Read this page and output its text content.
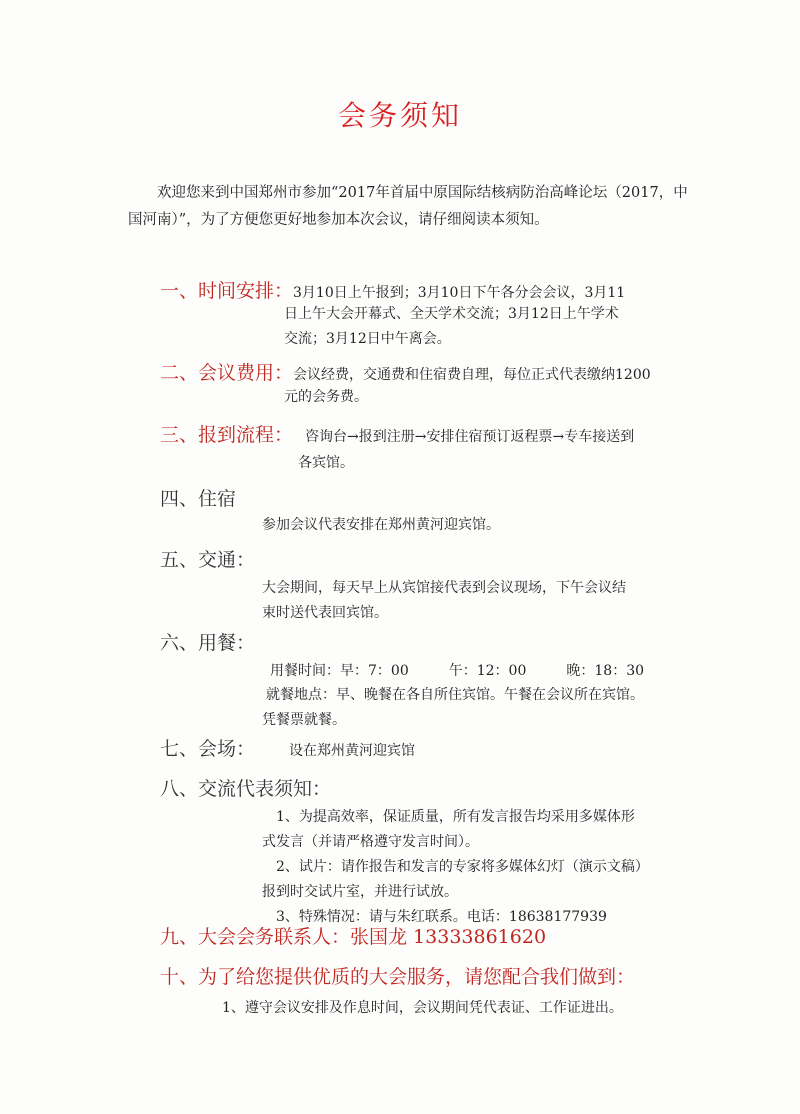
会务须知
欢迎您来到中国郑州市参加“2017年首届中原国际结核病防治高峰论坛（2017，中国河南）”，为了方便您更好地参加本次会议，请仔细阅读本须知。
一、时间安排：3月10日上午报到；3月10日下午各分会会议，3月11
日上午大会开幕式、全天学术交流；3月12日上午学术
交流；3月12日中午离会。
二、会议费用：会议经费，交通费和住宿费自理，每位正式代表缴纳1200
元的会务费。
三、报到流程： 咨询台→报到注册→安排住宿预订返程票→专车接送到
各宾馆。
四、住宿
参加会议代表安排在郑州黄河迎宾馆。
五、交通：
大会期间，每天早上从宾馆接代表到会议现场，下午会议结
束时送代表回宾馆。
六、用餐：
用餐时间：早：7：00	午：12：00	晚：18：30
就餐地点：早、晚餐在各自所住宾馆。午餐在会议所在宾馆。
凭餐票就餐。
七、会场： 设在郑州黄河迎宾馆
八、交流代表须知：
1、为提高效率，保证质量，所有发言报告均采用多媒体形
式发言（并请严格遵守发言时间）。
2、试片：请作报告和发言的专家将多媒体幻灯（演示文稿）
报到时交试片室，并进行试放。
3、特殊情况：请与朱红联系。电话：18638177939
九、大会会务联系人：张国龙 13333861620
十、为了给您提供优质的大会服务，请您配合我们做到：
1、遵守会议安排及作息时间，会议期间凭代表证、工作证进出。
